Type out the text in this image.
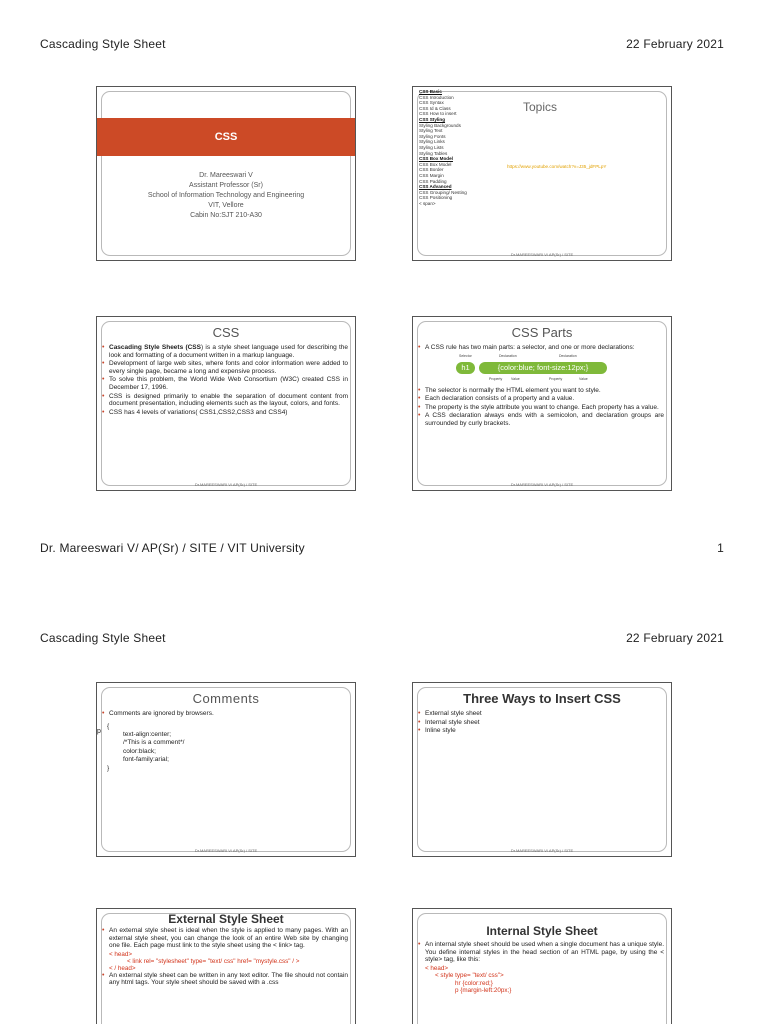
Cascading Style Sheet	22 February 2021
CSS
Dr. Mareeswari V
Assistant Professor (Sr)
School of Information Technology and Engineering
VIT, Vellore
Cabin No:SJT 210-A30
CSS Basic
CSS Introduction
CSS Syntax
CSS Id & Class
CSS How to insert
CSS Styling
Styling Backgrounds
Styling Text
Styling Fonts
Styling Links
Styling Lists
Styling Tables
CSS Box Model
CSS Box Model
CSS Border
CSS Margin
CSS Padding
CSS Advanced
CSS Grouping/ Nesting
CSS Positioning
< span>
Topics
https://www.youtube.com/watch?v=J35_jdFPLpY
Dr.MAREESWARI V/ AP(Sr) / SITE
CSS
• Cascading Style Sheets (CSS) is a style sheet language used for describing the look and formatting of a document written in a markup language.
• Development of large web sites, where fonts and color information were added to every single page, became a long and expensive process.
• To solve this problem, the World Wide Web Consortium (W3C) created CSS in December 17, 1996.
• CSS is designed primarily to enable the separation of document content from document presentation, including elements such as the layout, colors, and fonts.
• CSS has 4 levels of variations( CSS1,CSS2,CSS3 and CSS4)
Dr.MAREESWARI V/ AP(Sr) / SITE
CSS Parts
• A CSS rule has two main parts: a selector, and one or more declarations:
Selector	Declaration	Declaration
h1	{color:blue; font-size:12px;}
Property	Value	Property	Value
• The selector is normally the HTML element you want to style.
• Each declaration consists of a property and a value.
• The property is the style attribute you want to change. Each property has a value.
• A CSS declaration always ends with a semicolon, and declaration groups are surrounded by curly brackets.
Dr.MAREESWARI V/ AP(Sr) / SITE
Dr. Mareeswari V/ AP(Sr) / SITE / VIT University	1
Cascading Style Sheet	22 February 2021
Comments
• Comments are ignored by browsers.
p
{
text-align:center;
/*This is a comment*/
color:black;
font-family:arial;
}
Dr.MAREESWARI V/ AP(Sr) / SITE
Three Ways to Insert CSS
• External style sheet
• Internal style sheet
• Inline style
Dr.MAREESWARI V/ AP(Sr) / SITE
External Style Sheet
• An external style sheet is ideal when the style is applied to many pages. With an external style sheet, you can change the look of an entire Web site by changing one file. Each page must link to the style sheet using the < link> tag.
< head>
< link rel= "stylesheet" type= "text/ css" href= "mystyle.css" / >
< / head>
• An external style sheet can be written in any text editor. The file should not contain any html tags. Your style sheet should be saved with a .css
Internal Style Sheet
• An internal style sheet should be used when a single document has a unique style. You define internal styles in the head section of an HTML page, by using the < style> tag, like this:
< head>
< style type= "text/ css">
hr {color:red;}
p {margin-left:20px;}
